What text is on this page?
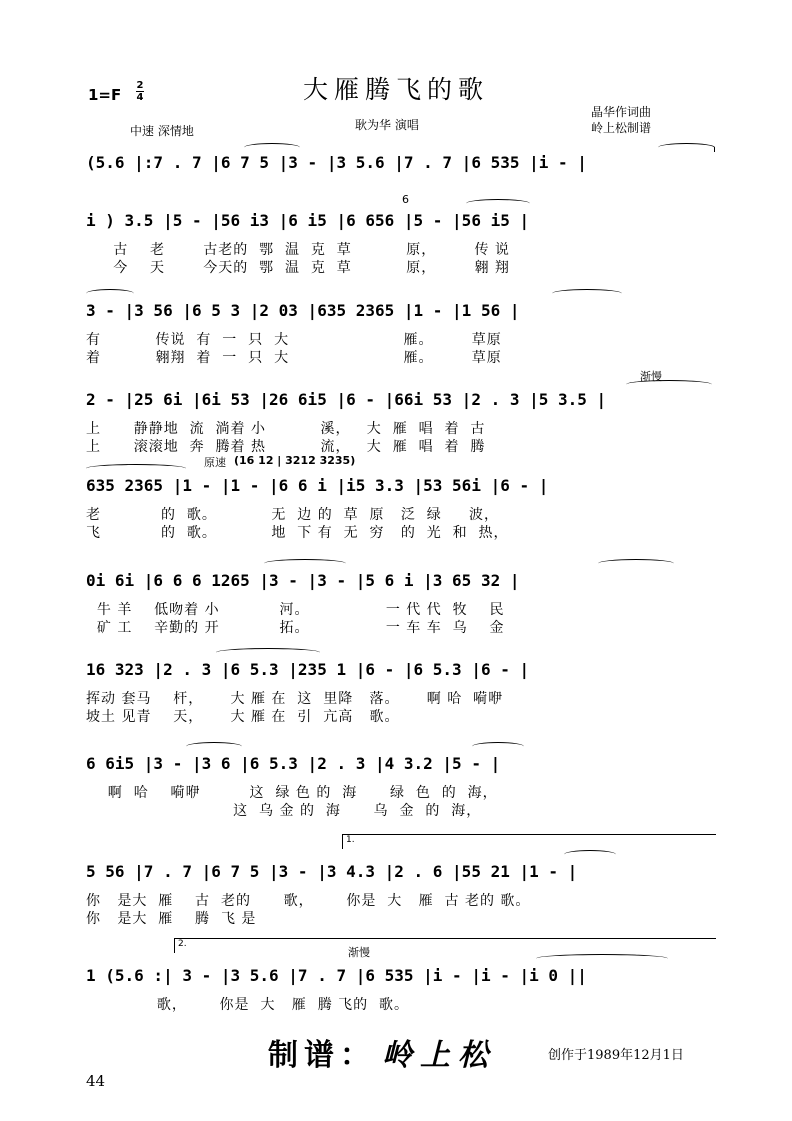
1=F
2
4	大雁腾飞的歌
中速 深情地	耿为华 演唱
晶华作词曲
岭上松制谱
(5.6 |:7 . 7 |6 7 5 |3 - |3 5.6 |7 . 7 |6 535 |i - |
6
i ) 3.5 |5 - |56 i3 |6 i5 |6 656 |5 - |56 i5 |
古    老       古老的  鄂  温  克  草          原，       传 说
今    天       今天的  鄂  温  克  草          原，       翱 翔
3 - |3 56 |6 5 3 |2 03 |635 2365 |1 - |1 56 |
有          传说  有  一  只  大                     雁。       草原
着          翱翔  着  一  只  大                     雁。       草原
渐慢
2 - |25 6i |6i 53 |26 6i5 |6 - |66i 53 |2 . 3 |5 3.5 |
上      静静地  流  淌着 小          溪，   大  雁  唱  着  古
上      滚滚地  奔  腾着 热          流，   大  雁  唱  着  腾
原速 (16 12 | 3212 3235)
635 2365 |1 - |1 - |6 6 i |i5 3.3 |53 56i |6 - |
老           的  歌。          无  边 的  草  原   泛  绿     波，
飞           的  歌。          地  下 有  无  穷   的  光  和  热，
0i 6i |6 6 6 1265 |3 - |3 - |5 6 i |3 65 32 |
牛 羊    低吻着 小           河。              一 代 代  牧    民
矿 工    辛勤的 开           拓。              一 车 车  乌    金
16 323 |2 . 3 |6 5.3 |235 1 |6 - |6 5.3 |6 - |
挥动 套马    杆，     大 雁 在  这  里降   落。     啊 哈  嗬咿
坡土 见青    天，     大 雁 在  引  亢高   歌。
6 6i5 |3 - |3 6 |6 5.3 |2 . 3 |4 3.2 |5 - |
啊  哈    嗬咿         这  绿 色 的  海      绿  色  的  海，
这  乌 金 的  海      乌  金  的  海，
1.
5 56 |7 . 7 |6 7 5 |3 - |3 4.3 |2 . 6 |55 21 |1 - |
你   是大  雁    古  老的      歌，      你是  大   雁  古 老的 歌。
你   是大  雁    腾  飞 是
2.
渐慢
1 (5.6 :| 3 - |3 5.6 |7 . 7 |6 535 |i - |i - |i 0 ||
歌，      你是  大   雁  腾 飞的  歌。
制谱： 岭上松	创作于1989年12月1日
44
